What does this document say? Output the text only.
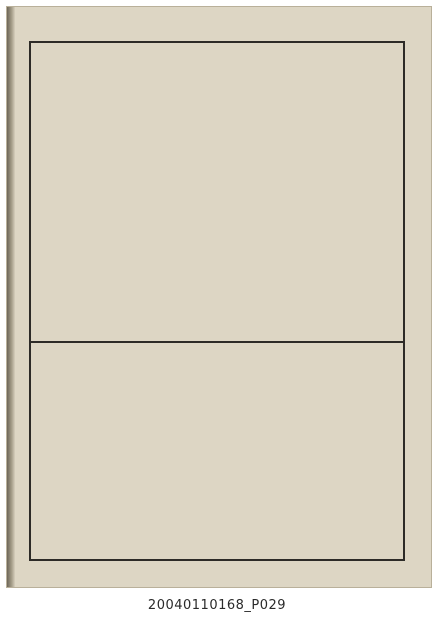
20040110168_P029
